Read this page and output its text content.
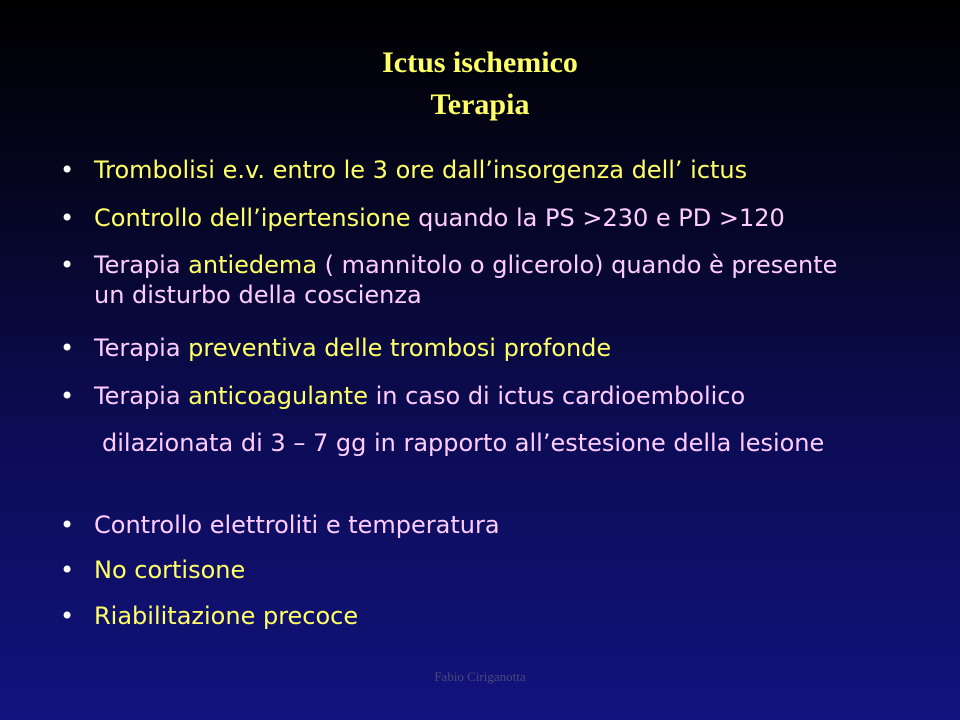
Ictus ischemico
Terapia
• Trombolisi e.v. entro le 3 ore dall’insorgenza dell’ ictus
• Controllo dell’ipertensione quando la PS >230 e PD >120
• Terapia antiedema ( mannitolo o glicerolo) quando è presente un disturbo della coscienza
• Terapia preventiva delle trombosi profonde
• Terapia anticoagulante in caso di ictus cardioembolico
dilazionata di 3 – 7 gg in rapporto all’estesione della lesione
• Controllo elettroliti e temperatura
• No cortisone
• Riabilitazione precoce
Fabio Ciriganotta
